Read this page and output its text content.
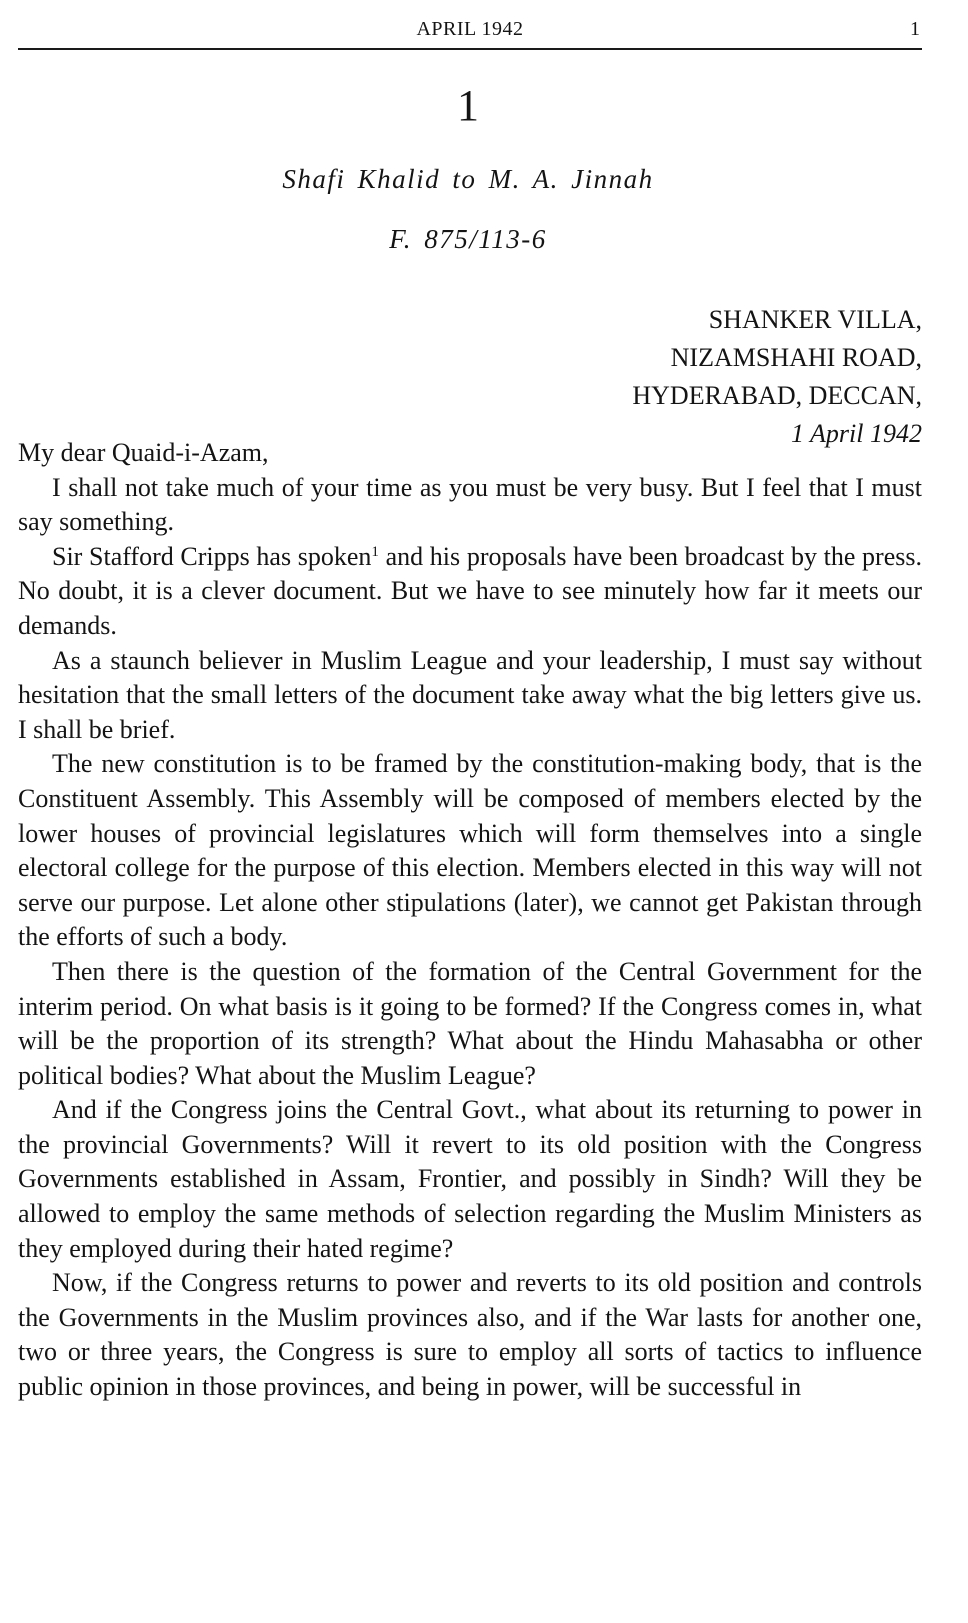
APRIL 1942	1
1
Shafi Khalid to M. A. Jinnah
F. 875/113-6
SHANKER VILLA,
NIZAMSHAHI ROAD,
HYDERABAD, DECCAN,
1 April 1942

My dear Quaid-i-Azam,

I shall not take much of your time as you must be very busy. But I feel that I must say something.

Sir Stafford Cripps has spoken$^1$ and his proposals have been broadcast by the press. No doubt, it is a clever document. But we have to see minutely how far it meets our demands.

As a staunch believer in Muslim League and your leadership, I must say without hesitation that the small letters of the document take away what the big letters give us. I shall be brief.

The new constitution is to be framed by the constitution-making body, that is the Constituent Assembly. This Assembly will be composed of members elected by the lower houses of provincial legislatures which will form themselves into a single electoral college for the purpose of this election. Members elected in this way will not serve our purpose. Let alone other stipulations (later), we cannot get Pakistan through the efforts of such a body.

Then there is the question of the formation of the Central Government for the interim period. On what basis is it going to be formed? If the Congress comes in, what will be the proportion of its strength? What about the Hindu Mahasabha or other political bodies? What about the Muslim League?

And if the Congress joins the Central Govt., what about its returning to power in the provincial Governments? Will it revert to its old position with the Congress Governments established in Assam, Frontier, and possibly in Sindh? Will they be allowed to employ the same methods of selection regarding the Muslim Ministers as they employed during their hated regime?

Now, if the Congress returns to power and reverts to its old position and controls the Governments in the Muslim provinces also, and if the War lasts for another one, two or three years, the Congress is sure to employ all sorts of tactics to influence public opinion in those provinces, and being in power, will be successful in
